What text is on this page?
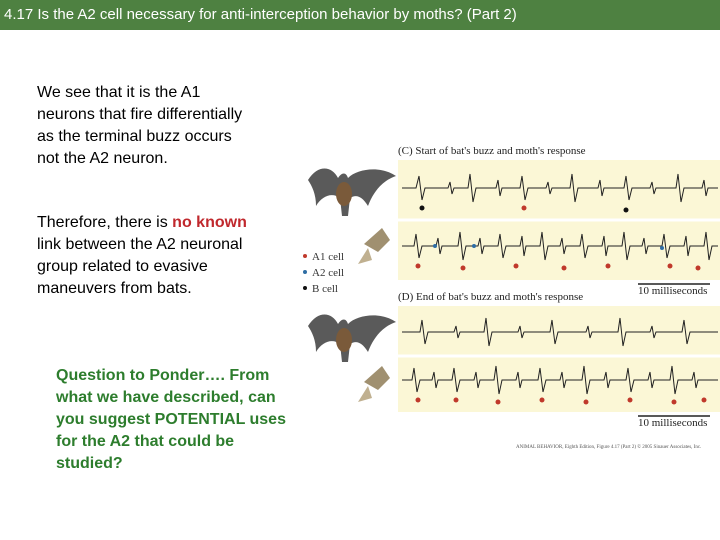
4.17 Is the A2 cell necessary for anti-interception behavior by moths? (Part 2)
We see that it is the A1 neurons that fire differentially as the terminal buzz occurs not the A2 neuron.
Therefore, there is no known link between the A2 neuronal group related to evasive maneuvers from bats.
Question to Ponder…. From what we have described, can you suggest POTENTIAL uses for the A2 that could be studied?
(C) Start of bat's buzz and moth's response
A1 cell
A2 cell
B cell	10 milliseconds
(D) End of bat's buzz and moth's response
10 milliseconds
ANIMAL BEHAVIOR, Eighth Edition, Figure 4.17 (Part 2) © 2005 Sinauer Associates, Inc.
